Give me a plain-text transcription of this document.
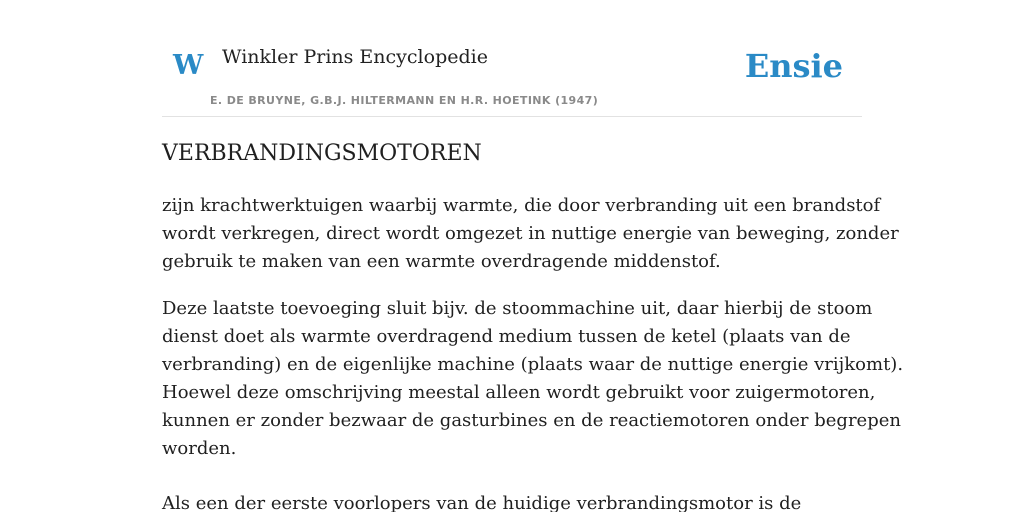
W Winkler Prins Encyclopedie
E. DE BRUYNE, G.B.J. HILTERMANN EN H.R. HOETINK (1947)
Ensie
VERBRANDINGSMOTOREN

zijn krachtwerktuigen waarbij warmte, die door verbranding uit een brandstof
wordt verkregen, direct wordt omgezet in nuttige energie van beweging, zonder
gebruik te maken van een warmte overdragende middenstof.

Deze laatste toevoeging sluit bijv. de stoommachine uit, daar hierbij de stoom
dienst doet als warmte overdragend medium tussen de ketel (plaats van de
verbranding) en de eigenlijke machine (plaats waar de nuttige energie vrijkomt).
Hoewel deze omschrijving meestal alleen wordt gebruikt voor zuigermotoren,
kunnen er zonder bezwaar de gasturbines en de reactiemotoren onder begrepen
worden.

Als een der eerste voorlopers van de huidige verbrandingsmotor is de
